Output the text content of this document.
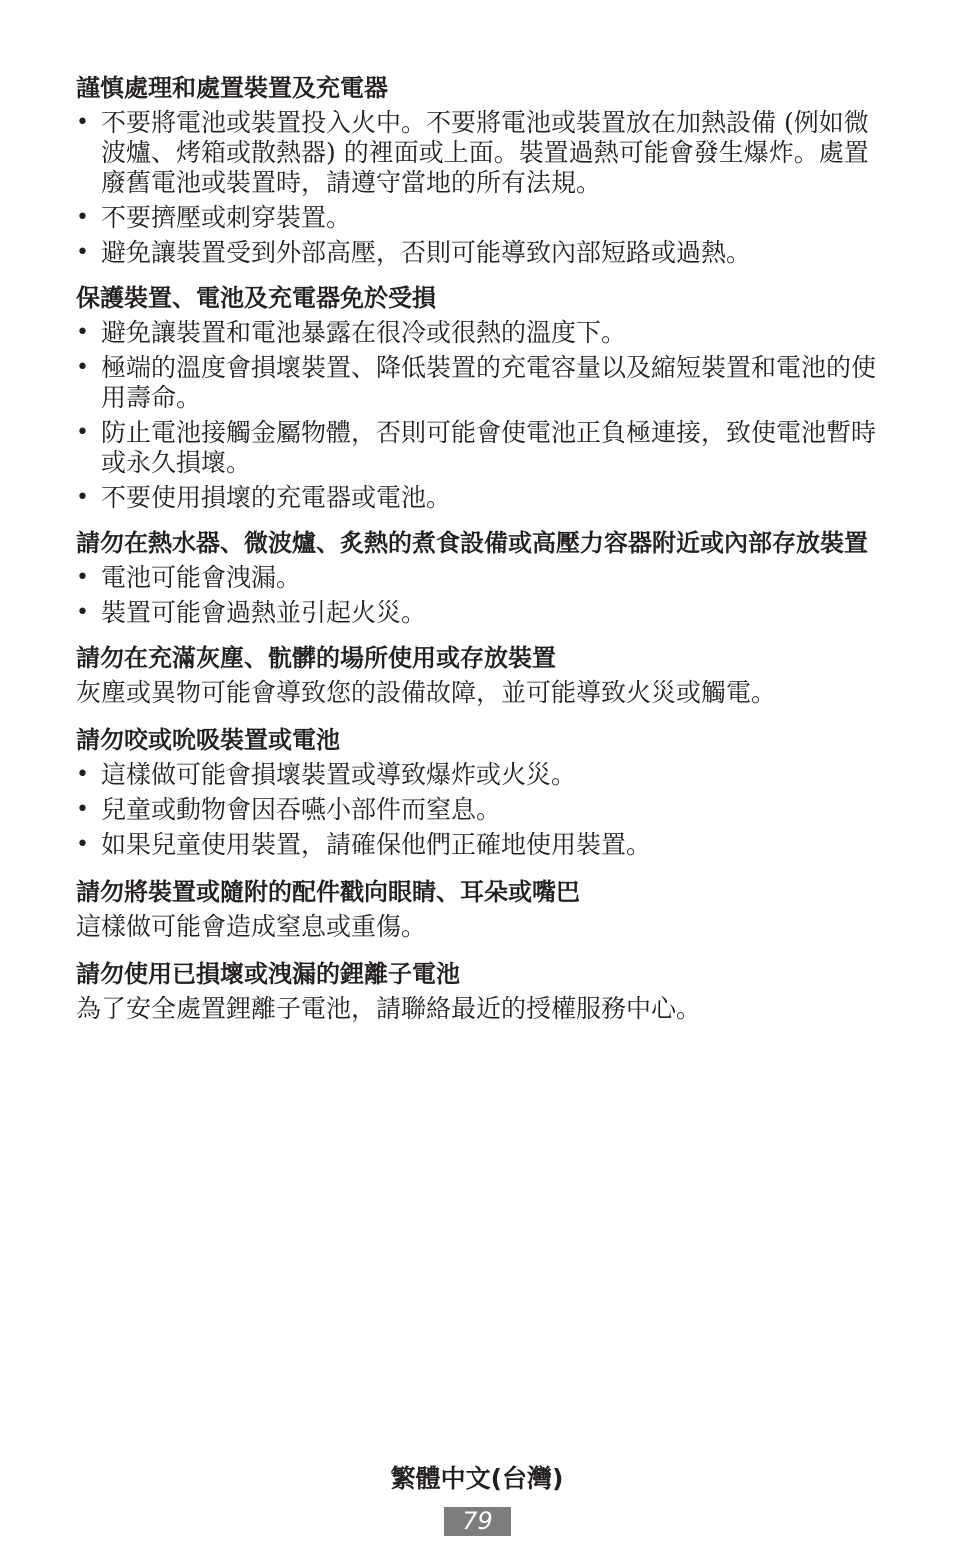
謹慎處理和處置裝置及充電器
• 不要將電池或裝置投入火中。不要將電池或裝置放在加熱設備 (例如微波爐、烤箱或散熱器) 的裡面或上面。裝置過熱可能會發生爆炸。處置廢舊電池或裝置時，請遵守當地的所有法規。
• 不要擠壓或刺穿裝置。
• 避免讓裝置受到外部高壓，否則可能導致內部短路或過熱。
保護裝置、電池及充電器免於受損
• 避免讓裝置和電池暴露在很冷或很熱的溫度下。
• 極端的溫度會損壞裝置、降低裝置的充電容量以及縮短裝置和電池的使用壽命。
• 防止電池接觸金屬物體，否則可能會使電池正負極連接，致使電池暫時或永久損壞。
• 不要使用損壞的充電器或電池。
請勿在熱水器、微波爐、炙熱的煮食設備或高壓力容器附近或內部存放裝置
• 電池可能會洩漏。
• 裝置可能會過熱並引起火災。
請勿在充滿灰塵、骯髒的場所使用或存放裝置

灰塵或異物可能會導致您的設備故障，並可能導致火災或觸電。

請勿咬或吮吸裝置或電池
• 這樣做可能會損壞裝置或導致爆炸或火災。
• 兒童或動物會因吞嚥小部件而窒息。
• 如果兒童使用裝置，請確保他們正確地使用裝置。
請勿將裝置或隨附的配件戳向眼睛、耳朵或嘴巴

這樣做可能會造成窒息或重傷。

請勿使用已損壞或洩漏的鋰離子電池

為了安全處置鋰離子電池，請聯絡最近的授權服務中心。

繁體中文(台灣)
79
